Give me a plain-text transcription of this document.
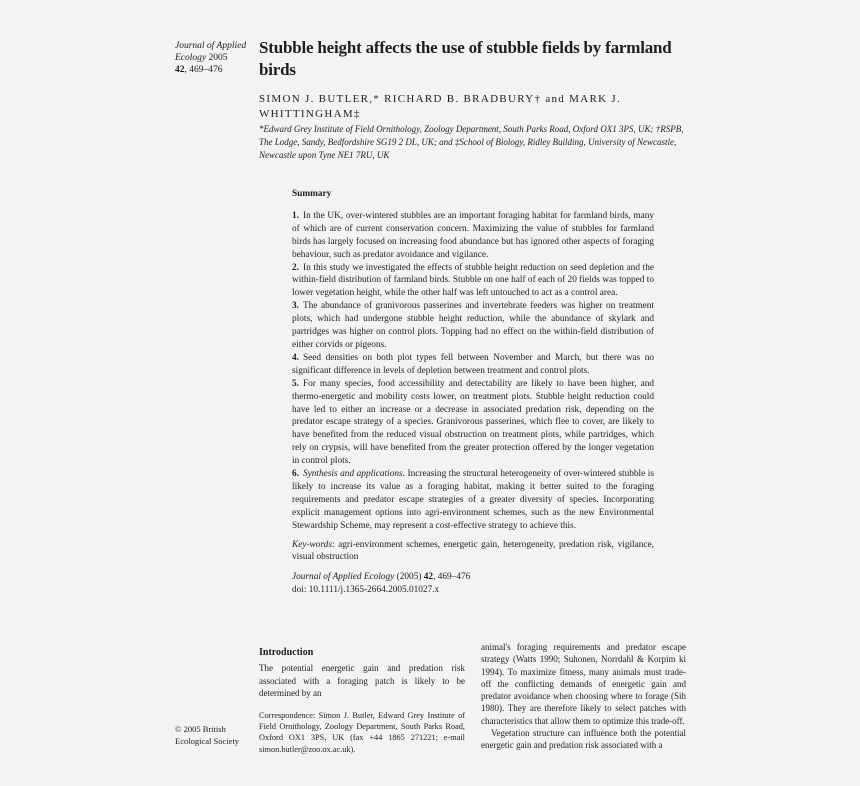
Journal of Applied Ecology 2005
42, 469–476
Stubble height affects the use of stubble fields by farmland birds
SIMON J. BUTLER,* RICHARD B. BRADBURY† and MARK J. WHITTINGHAM‡
*Edward Grey Institute of Field Ornithology, Zoology Department, South Parks Road, Oxford OX1 3PS, UK; †RSPB, The Lodge, Sandy, Bedfordshire SG19 2 DL, UK; and ‡School of Biology, Ridley Building, University of Newcastle, Newcastle upon Tyne NE1 7RU, UK

Summary

1. In the UK, over-wintered stubbles are an important foraging habitat for farmland birds, many of which are of current conservation concern. Maximizing the value of stubbles for farmland birds has largely focused on increasing food abundance but has ignored other aspects of foraging behaviour, such as predator avoidance and vigilance.

2. In this study we investigated the effects of stubble height reduction on seed depletion and the within-field distribution of farmland birds. Stubble on one half of each of 20 fields was topped to lower vegetation height, while the other half was left untouched to act as a control area.

3. The abundance of granivorous passerines and invertebrate feeders was higher on treatment plots, which had undergone stubble height reduction, while the abundance of skylark and partridges was higher on control plots. Topping had no effect on the within-field distribution of either corvids or pigeons.

4. Seed densities on both plot types fell between November and March, but there was no significant difference in levels of depletion between treatment and control plots.

5. For many species, food accessibility and detectability are likely to have been higher, and thermo-energetic and mobility costs lower, on treatment plots. Stubble height reduction could have led to either an increase or a decrease in associated predation risk, depending on the predator escape strategy of a species. Granivorous passerines, which flee to cover, are likely to have benefited from the reduced visual obstruction on treatment plots, while partridges, which rely on crypsis, will have benefited from the greater protection offered by the longer vegetation in control plots.

6. Synthesis and applications. Increasing the structural heterogeneity of over-wintered stubble is likely to increase its value as a foraging habitat, making it better suited to the foraging requirements and predator escape strategies of a greater diversity of species. Incorporating explicit management options into agri-environment schemes, such as the new Environmental Stewardship Scheme, may represent a cost-effective strategy to achieve this.

Key-words: agri-environment schemes, energetic gain, heterogeneity, predation risk, vigilance, visual obstruction

Journal of Applied Ecology (2005) 42, 469–476
doi: 10.1111/j.1365-2664.2005.01027.x

Introduction
The potential energetic gain and predation risk associated with a foraging patch is likely to be determined by an
Correspondence: Simon J. Butler, Edward Grey Institute of Field Ornithology, Zoology Department, South Parks Road, Oxford OX1 3PS, UK (fax +44 1865 271221; e-mail simon.butler@zoo.ox.ac.uk).
© 2005 British Ecological Society

animal's foraging requirements and predator escape strategy (Watts 1990; Suhonen, Norrdahl & Korpim ki 1994). To maximize fitness, many animals must trade-off the conflicting demands of energetic gain and predator avoidance when choosing where to forage (Sih 1980). They are therefore likely to select patches with characteristics that allow them to optimize this trade-off.

Vegetation structure can influence both the potential energetic gain and predation risk associated with a
